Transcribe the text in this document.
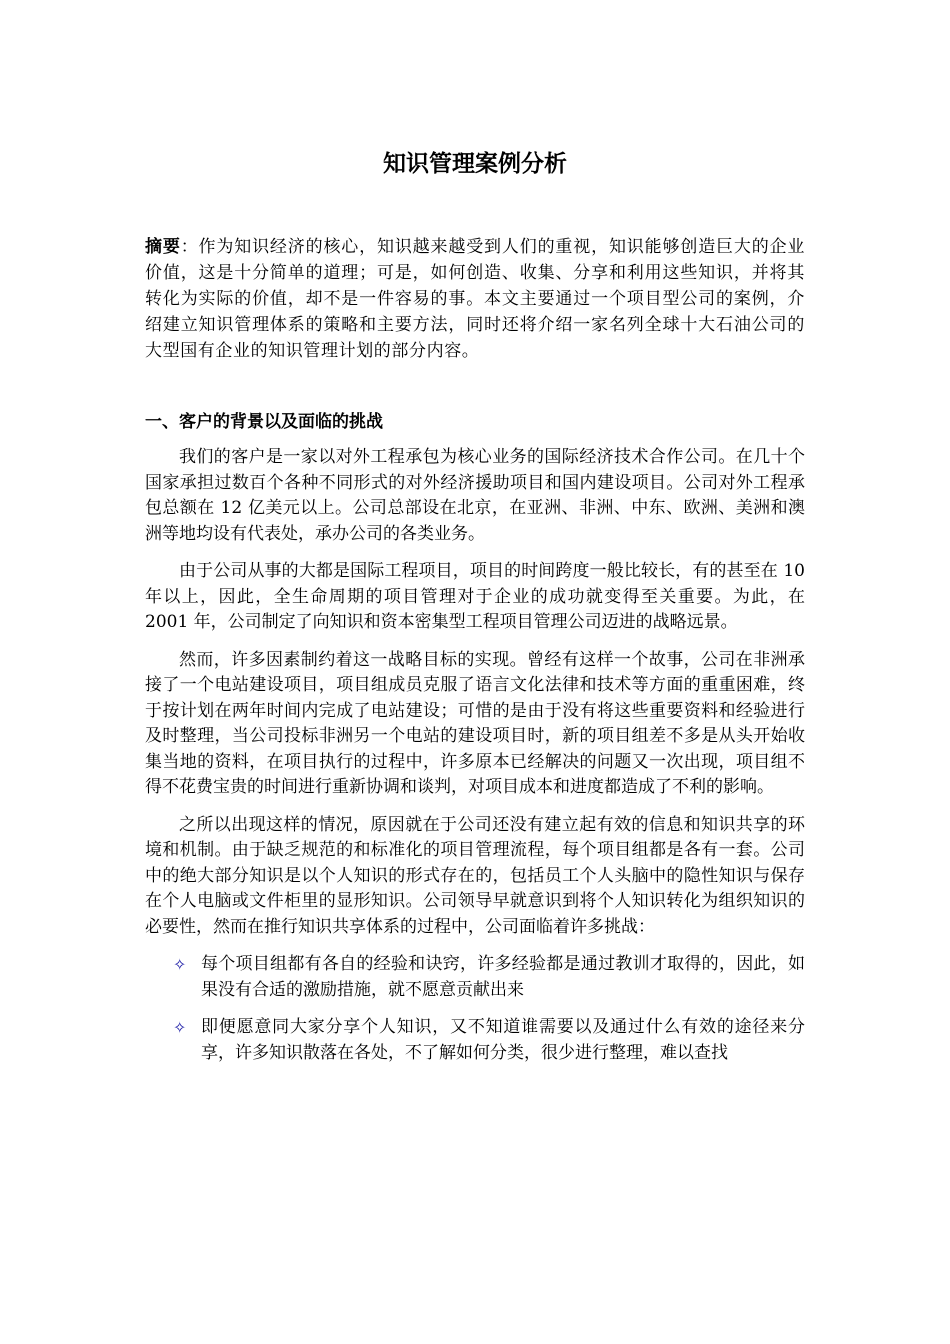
知识管理案例分析
摘要：作为知识经济的核心，知识越来越受到人们的重视，知识能够创造巨大的企业价值，这是十分简单的道理；可是，如何创造、收集、分享和利用这些知识，并将其转化为实际的价值，却不是一件容易的事。本文主要通过一个项目型公司的案例，介绍建立知识管理体系的策略和主要方法，同时还将介绍一家名列全球十大石油公司的大型国有企业的知识管理计划的部分内容。
一、客户的背景以及面临的挑战

我们的客户是一家以对外工程承包为核心业务的国际经济技术合作公司。在几十个国家承担过数百个各种不同形式的对外经济援助项目和国内建设项目。公司对外工程承包总额在 12 亿美元以上。公司总部设在北京，在亚洲、非洲、中东、欧洲、美洲和澳洲等地均设有代表处，承办公司的各类业务。

由于公司从事的大都是国际工程项目，项目的时间跨度一般比较长，有的甚至在 10 年以上，因此，全生命周期的项目管理对于企业的成功就变得至关重要。为此，在 2001 年，公司制定了向知识和资本密集型工程项目管理公司迈进的战略远景。

然而，许多因素制约着这一战略目标的实现。曾经有这样一个故事，公司在非洲承接了一个电站建设项目，项目组成员克服了语言文化法律和技术等方面的重重困难，终于按计划在两年时间内完成了电站建设；可惜的是由于没有将这些重要资料和经验进行及时整理，当公司投标非洲另一个电站的建设项目时，新的项目组差不多是从头开始收集当地的资料，在项目执行的过程中，许多原本已经解决的问题又一次出现，项目组不得不花费宝贵的时间进行重新协调和谈判，对项目成本和进度都造成了不利的影响。

之所以出现这样的情况，原因就在于公司还没有建立起有效的信息和知识共享的环境和机制。由于缺乏规范的和标准化的项目管理流程，每个项目组都是各有一套。公司中的绝大部分知识是以个人知识的形式存在的，包括员工个人头脑中的隐性知识与保存在个人电脑或文件柜里的显形知识。公司领导早就意识到将个人知识转化为组织知识的必要性，然而在推行知识共享体系的过程中，公司面临着许多挑战：

✧ 每个项目组都有各自的经验和诀窍，许多经验都是通过教训才取得的，因此，如果没有合适的激励措施，就不愿意贡献出来
✧ 即便愿意同大家分享个人知识，又不知道谁需要以及通过什么有效的途径来分享，许多知识散落在各处，不了解如何分类，很少进行整理，难以查找
